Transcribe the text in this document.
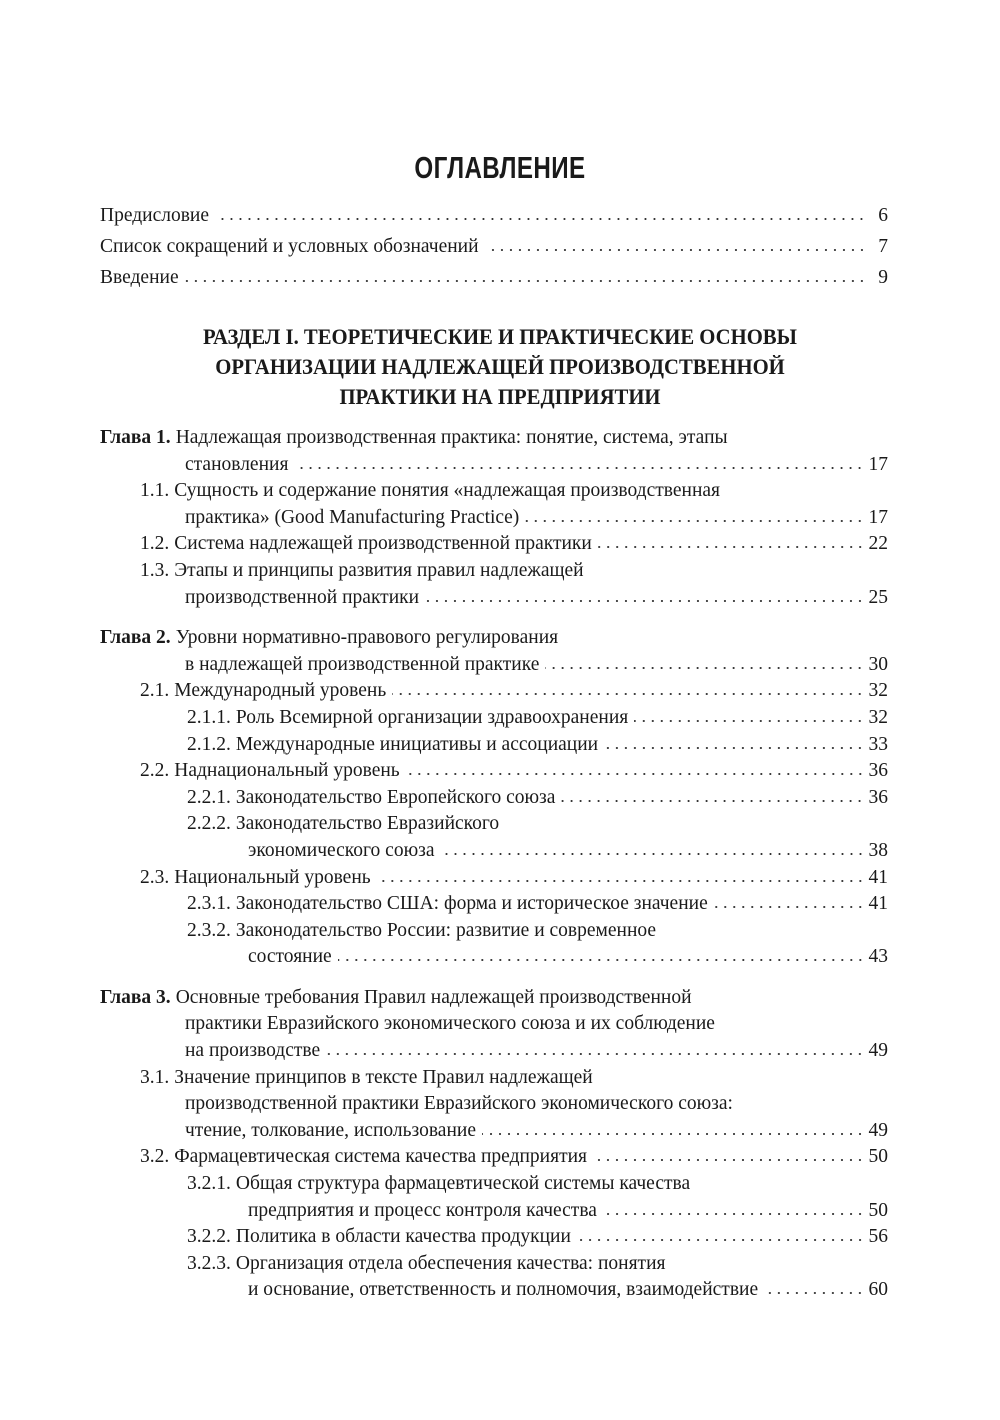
ОГЛАВЛЕНИЕ
Предисловие	6
Список сокращений и условных обозначений	7
Введение	9
РАЗДЕЛ I. ТЕОРЕТИЧЕСКИЕ И ПРАКТИЧЕСКИЕ ОСНОВЫ
ОРГАНИЗАЦИИ НАДЛЕЖАЩЕЙ ПРОИЗВОДСТВЕННОЙ
ПРАКТИКИ НА ПРЕДПРИЯТИИ
Глава 1. Надлежащая производственная практика: понятие, система, этапы
становления	17
1.1. Сущность и содержание понятия «надлежащая производственная
практика» (Good Manufacturing Practice)	17
1.2. Система надлежащей производственной практики	22
1.3. Этапы и принципы развития правил надлежащей
производственной практики	25
Глава 2. Уровни нормативно-правового регулирования
в надлежащей производственной практике	30
2.1. Международный уровень	32
2.1.1. Роль Всемирной организации здравоохранения	32
2.1.2. Международные инициативы и ассоциации	33
2.2. Наднациональный уровень	36
2.2.1. Законодательство Европейского союза	36
2.2.2. Законодательство Евразийского
экономического союза	38
2.3. Национальный уровень	41
2.3.1. Законодательство США: форма и историческое значение	41
2.3.2. Законодательство России: развитие и современное
состояние	43
Глава 3. Основные требования Правил надлежащей производственной
практики Евразийского экономического союза и их соблюдение
на производстве	49
3.1. Значение принципов в тексте Правил надлежащей
производственной практики Евразийского экономического союза:
чтение, толкование, использование	49
3.2. Фармацевтическая система качества предприятия	50
3.2.1. Общая структура фармацевтической системы качества
предприятия и процесс контроля качества	50
3.2.2. Политика в области качества продукции	56
3.2.3. Организация отдела обеспечения качества: понятия
и основание, ответственность и полномочия, взаимодействие	60
